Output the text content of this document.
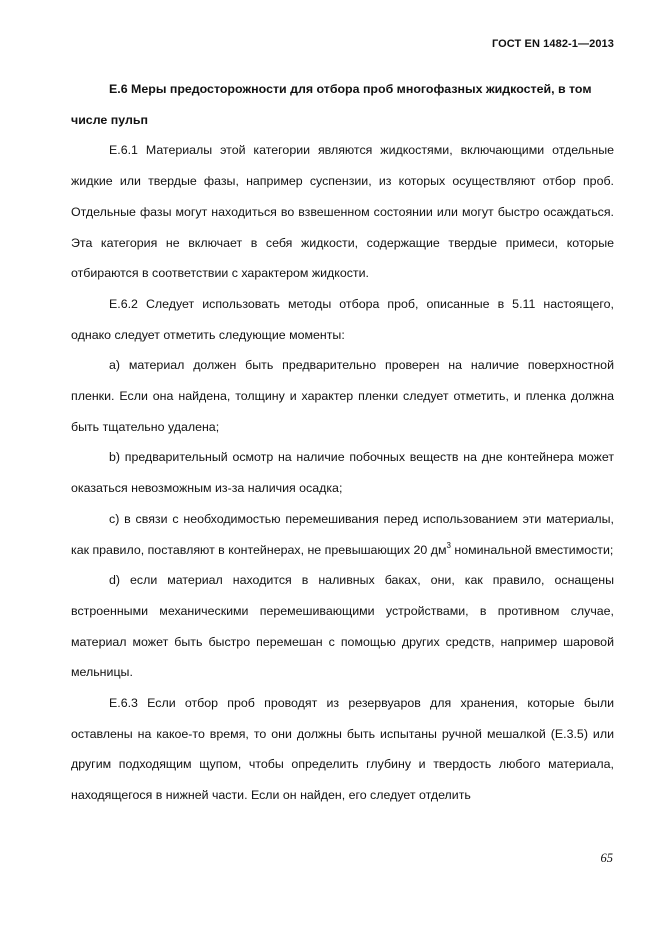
ГОСТ EN 1482-1—2013

Е.6 Меры предосторожности для отбора проб многофазных жидкостей, в том числе пульп

Е.6.1 Материалы этой категории являются жидкостями, включающими отдельные жидкие или твердые фазы, например суспензии, из которых осуществляют отбор проб. Отдельные фазы могут находиться во взвешенном состоянии или могут быстро осаждаться. Эта категория не включает в себя жидкости, содержащие твердые примеси, которые отбираются в соответствии с характером жидкости.

Е.6.2 Следует использовать методы отбора проб, описанные в 5.11 настоящего, однако следует отметить следующие моменты:

a) материал должен быть предварительно проверен на наличие поверхностной пленки. Если она найдена, толщину и характер пленки следует отметить, и пленка должна быть тщательно удалена;

b) предварительный осмотр на наличие побочных веществ на дне контейнера может оказаться невозможным из-за наличия осадка;

c) в связи с необходимостью перемешивания перед использованием эти материалы, как правило, поставляют в контейнерах, не превышающих 20 $дм^3$ номинальной вместимости;

d) если материал находится в наливных баках, они, как правило, оснащены встроенными механическими перемешивающими устройствами, в противном случае, материал может быть быстро перемешан с помощью других средств, например шаровой мельницы.

Е.6.3 Если отбор проб проводят из резервуаров для хранения, которые были оставлены на какое-то время, то они должны быть испытаны ручной мешалкой (Е.3.5) или другим подходящим щупом, чтобы определить глубину и твердость любого материала, находящегося в нижней части. Если он найден, его следует отделить

65
